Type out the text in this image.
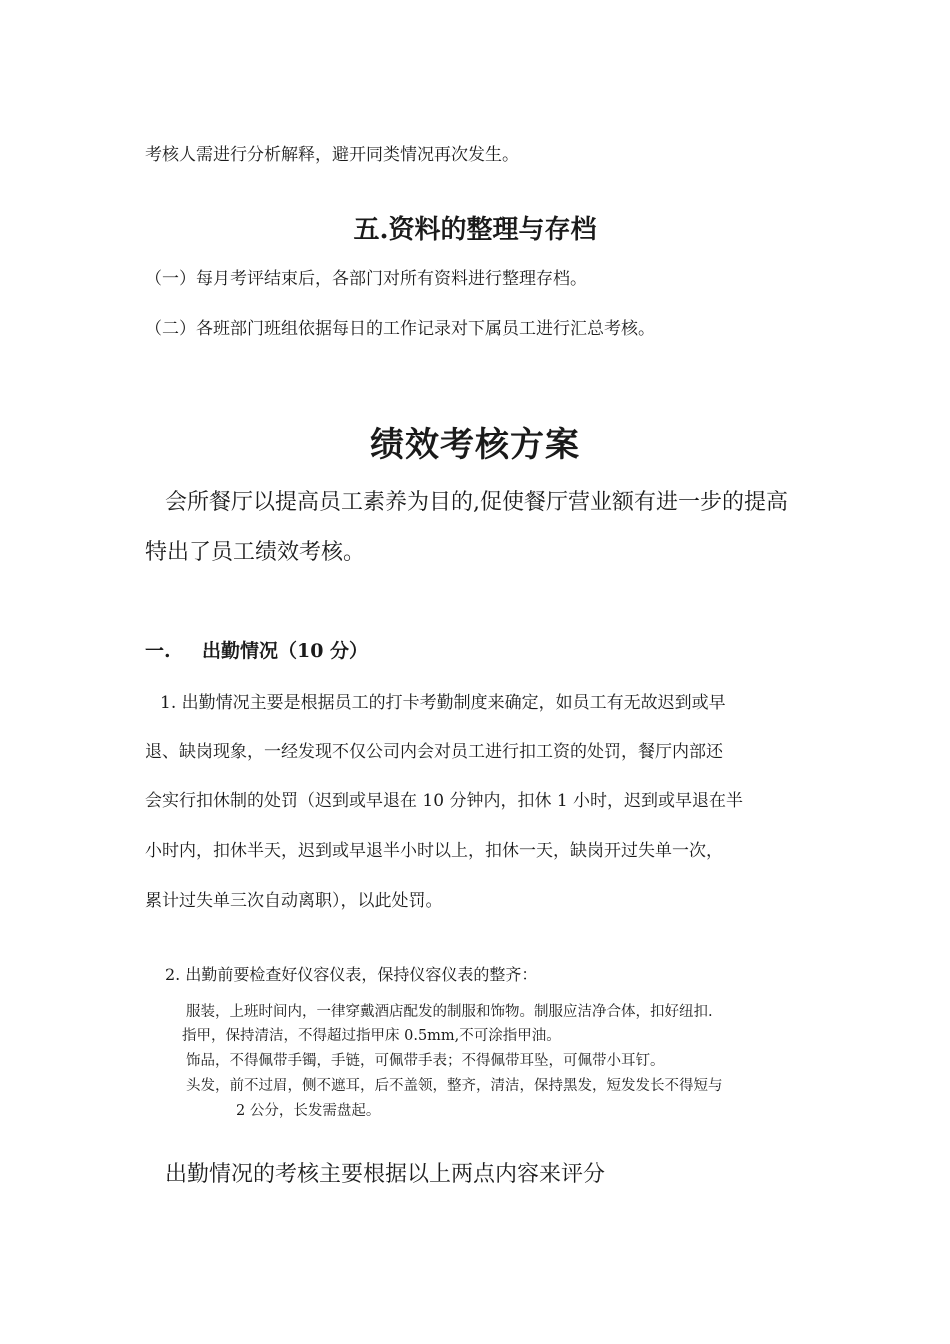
考核人需进行分析解释，避开同类情况再次发生。
五.资料的整理与存档
（一）每月考评结束后，各部门对所有资料进行整理存档。
（二）各班部门班组依据每日的工作记录对下属员工进行汇总考核。
绩效考核方案
会所餐厅以提高员工素养为目的,促使餐厅营业额有进一步的提高
特出了员工绩效考核。
一. 出勤情况（10 分）
1. 出勤情况主要是根据员工的打卡考勤制度来确定，如员工有无故迟到或早
退、缺岗现象，一经发现不仅公司内会对员工进行扣工资的处罚，餐厅内部还
会实行扣休制的处罚（迟到或早退在 10 分钟内，扣休 1 小时，迟到或早退在半
小时内，扣休半天，迟到或早退半小时以上，扣休一天，缺岗开过失单一次，
累计过失单三次自动离职），以此处罚。
2. 出勤前要检查好仪容仪表，保持仪容仪表的整齐：
服装，上班时间内，一律穿戴酒店配发的制服和饰物。制服应洁净合体，扣好纽扣.
指甲，保持清洁，不得超过指甲床 0.5mm,不可涂指甲油。
饰品，不得佩带手镯，手链，可佩带手表；不得佩带耳坠，可佩带小耳钉。
头发，前不过眉，侧不遮耳，后不盖领，整齐，清洁，保持黑发，短发发长不得短与
2 公分，长发需盘起。
出勤情况的考核主要根据以上两点内容来评分
